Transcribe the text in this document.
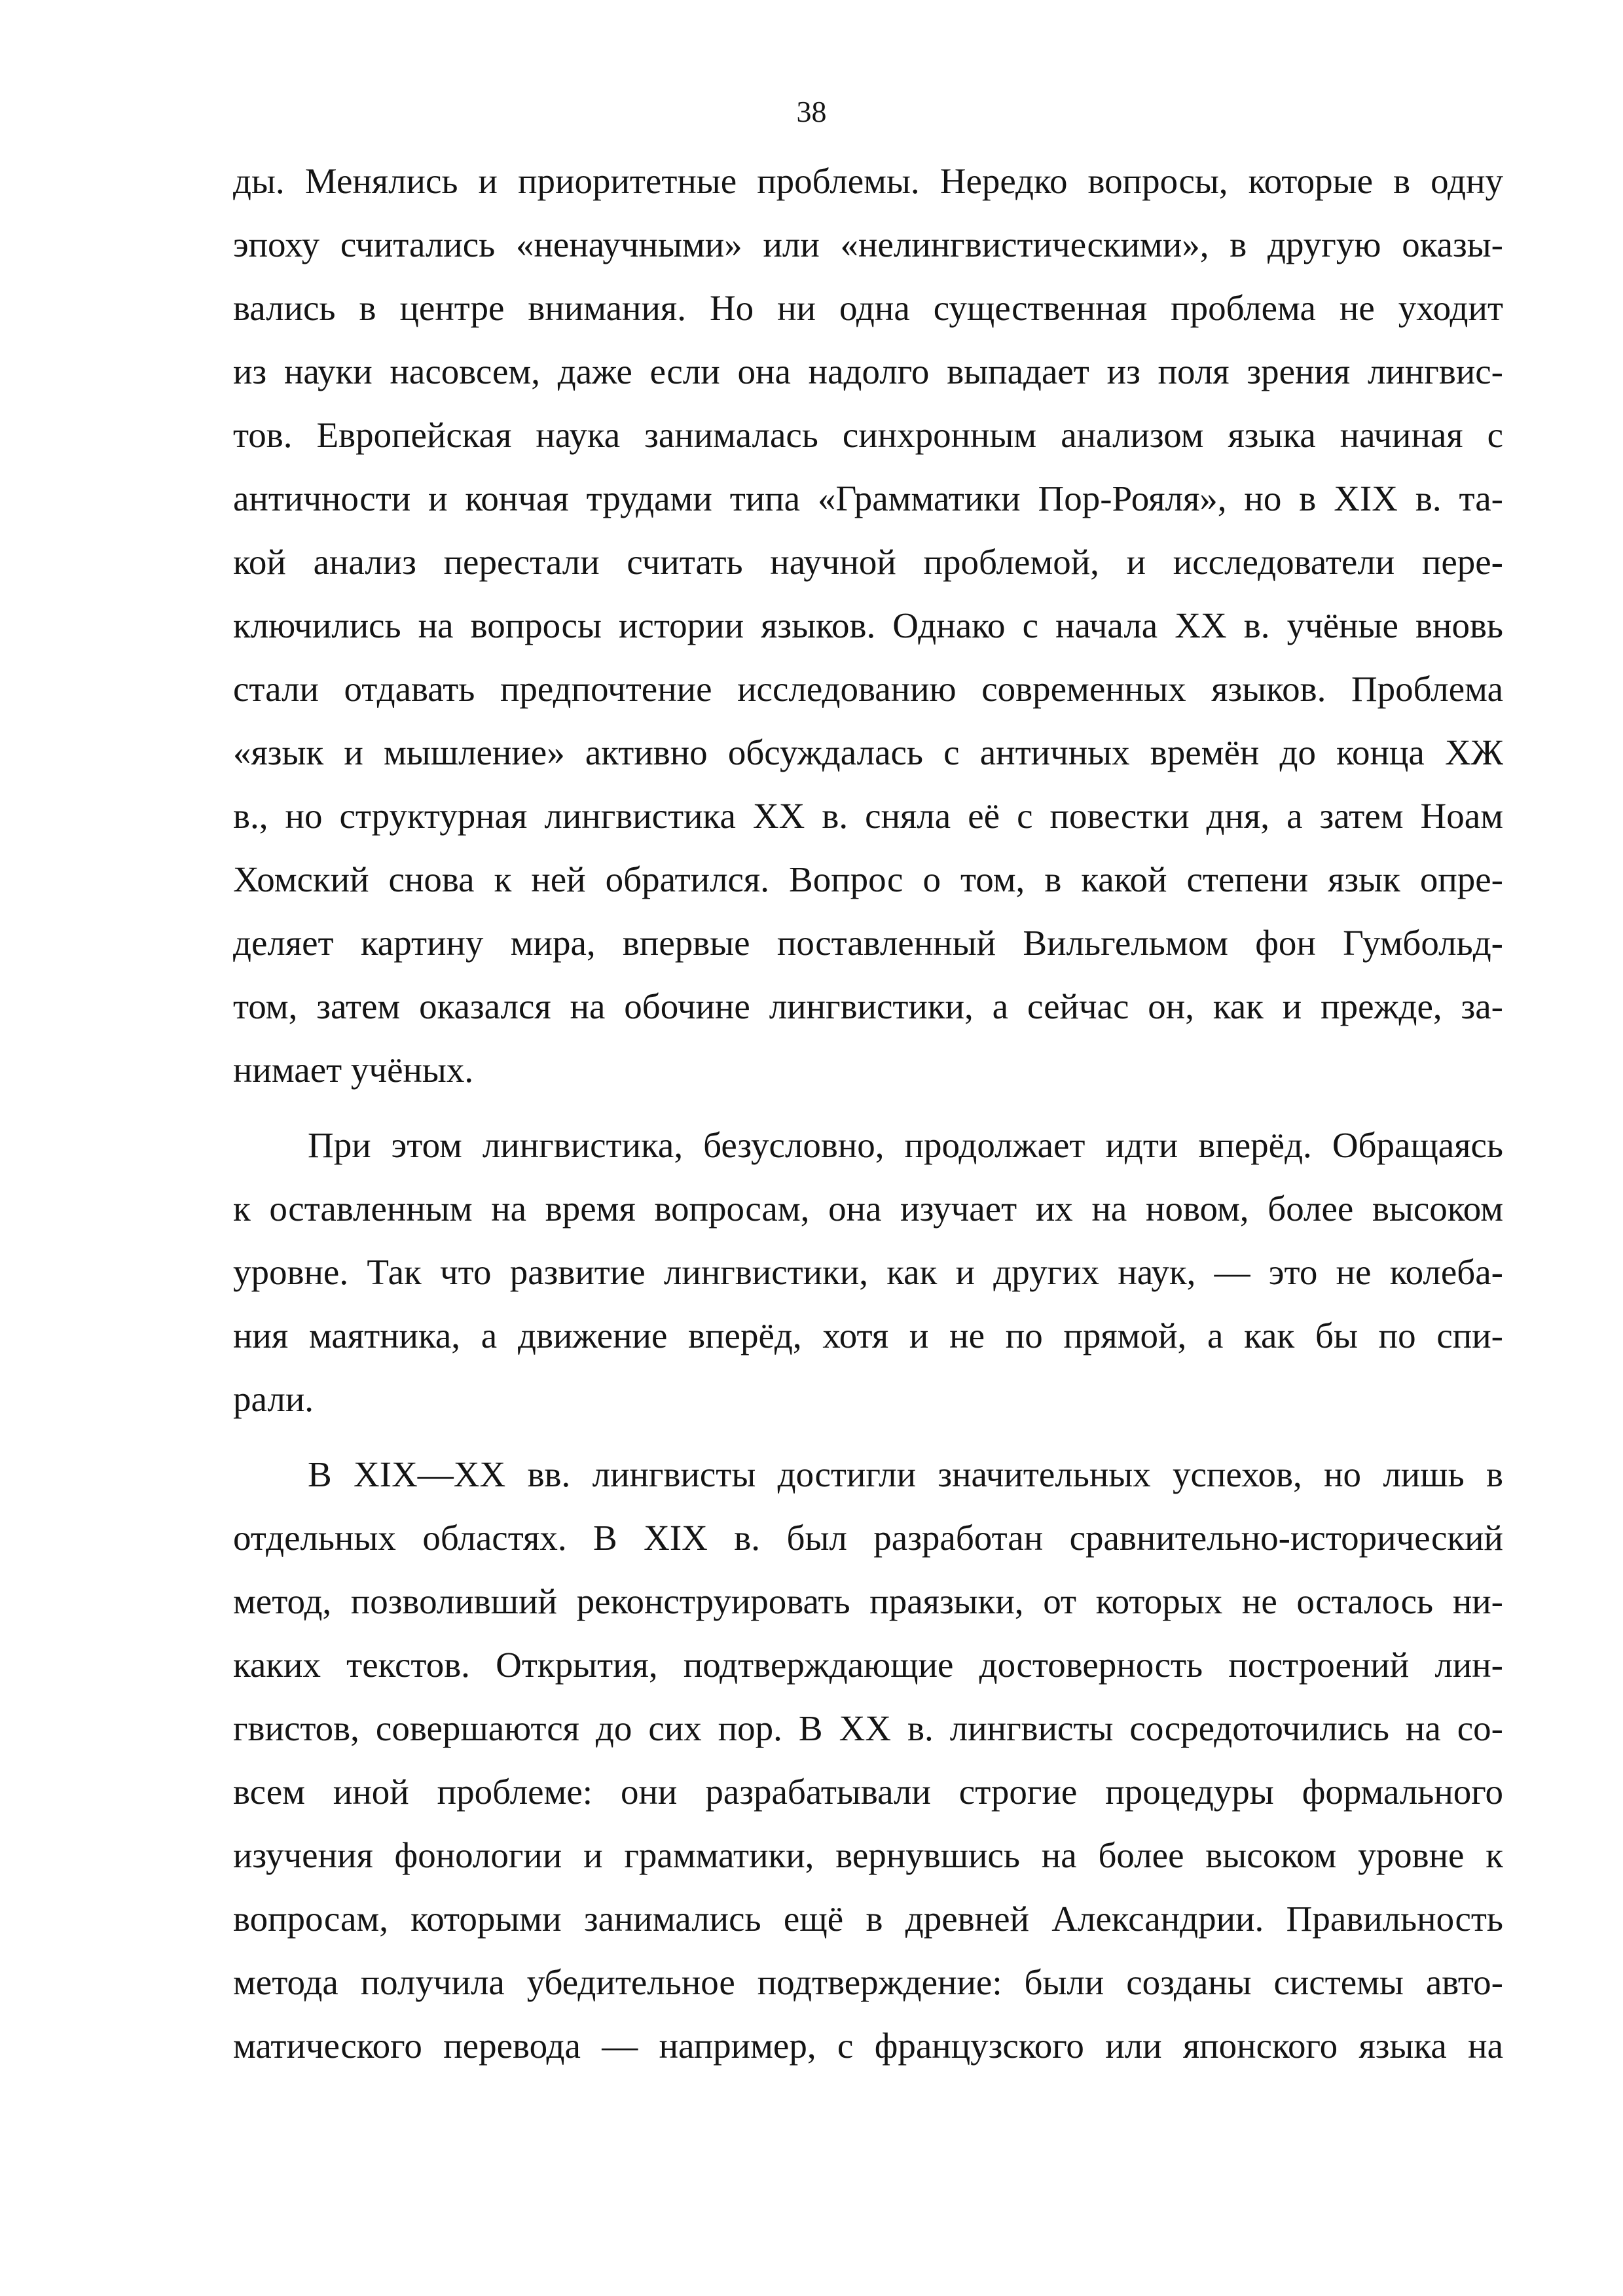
38
ды. Менялись и приоритетные проблемы. Нередко вопросы, которые в одну
эпоху считались «ненаучными» или «нелингвистическими», в другую оказы-
вались в центре внимания. Но ни одна существенная проблема не уходит
из науки насовсем, даже если она надолго выпадает из поля зрения лингвис-
тов. Европейская наука занималась синхронным анализом языка начиная с
античности и кончая трудами типа «Грамматики Пор-Рояля», но в XIX в. та-
кой анализ перестали считать научной проблемой, и исследователи пере-
ключились на вопросы истории языков. Однако с начала XX в. учёные вновь
стали отдавать предпочтение исследованию современных языков. Проблема
«язык и мышление» активно обсуждалась с античных времён до конца ХЖ
в., но структурная лингвистика XX в. сняла её с повестки дня, а затем Ноам
Хомский снова к ней обратился. Вопрос о том, в какой степени язык опре-
деляет картину мира, впервые поставленный Вильгельмом фон Гумбольд-
том, затем оказался на обочине лингвистики, а сейчас он, как и прежде, за-
нимает учёных.
При этом лингвистика, безусловно, продолжает идти вперёд. Обращаясь
к оставленным на время вопросам, она изучает их на новом, более высоком
уровне. Так что развитие лингвистики, как и других наук, — это не колеба-
ния маятника, а движение вперёд, хотя и не по прямой, а как бы по спи-
рали.
В XIX—XX вв. лингвисты достигли значительных успехов, но лишь в
отдельных областях. В XIX в. был разработан сравнительно-исторический
метод, позволивший реконструировать праязыки, от которых не осталось ни-
каких текстов. Открытия, подтверждающие достоверность построений лин-
гвистов, совершаются до сих пор. В XX в. лингвисты сосредоточились на со-
всем иной проблеме: они разрабатывали строгие процедуры формального
изучения фонологии и грамматики, вернувшись на более высоком уровне к
вопросам, которыми занимались ещё в древней Александрии. Правильность
метода получила убедительное подтверждение: были созданы системы авто-
матического перевода — например, с французского или японского языка на
